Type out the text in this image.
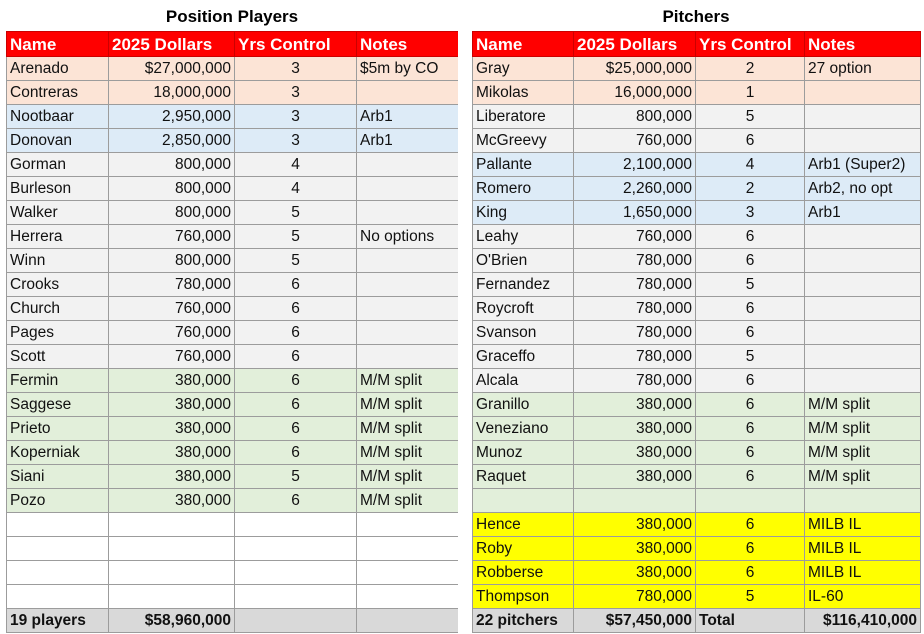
Position Players	Pitchers
Name	2025 Dollars	Yrs Control	Notes
Arenado	$27,000,000	3	$5m by CO
Contreras	18,000,000	3	
Nootbaar	2,950,000	3	Arb1
Donovan	2,850,000	3	Arb1
Gorman	800,000	4	
Burleson	800,000	4	
Walker	800,000	5	
Herrera	760,000	5	No options
Winn	800,000	5	
Crooks	780,000	6	
Church	760,000	6	
Pages	760,000	6	
Scott	760,000	6	
Fermin	380,000	6	M/M split
Saggese	380,000	6	M/M split
Prieto	380,000	6	M/M split
Koperniak	380,000	6	M/M split
Siani	380,000	5	M/M split
Pozo	380,000	6	M/M split

19 players	$58,960,000		
Name	2025 Dollars	Yrs Control	Notes
Gray	$25,000,000	2	27 option
Mikolas	16,000,000	1	
Liberatore	800,000	5	
McGreevy	760,000	6	
Pallante	2,100,000	4	Arb1 (Super2)
Romero	2,260,000	2	Arb2, no opt
King	1,650,000	3	Arb1
Leahy	760,000	6	
O'Brien	780,000	6	
Fernandez	780,000	5	
Roycroft	780,000	6	
Svanson	780,000	6	
Graceffo	780,000	5	
Alcala	780,000	6	
Granillo	380,000	6	M/M split
Veneziano	380,000	6	M/M split
Munoz	380,000	6	M/M split
Raquet	380,000	6	M/M split

Hence	380,000	6	MILB IL
Roby	380,000	6	MILB IL
Robberse	380,000	6	MILB IL
Thompson	780,000	5	IL-60
22 pitchers	$57,450,000	Total	$116,410,000
